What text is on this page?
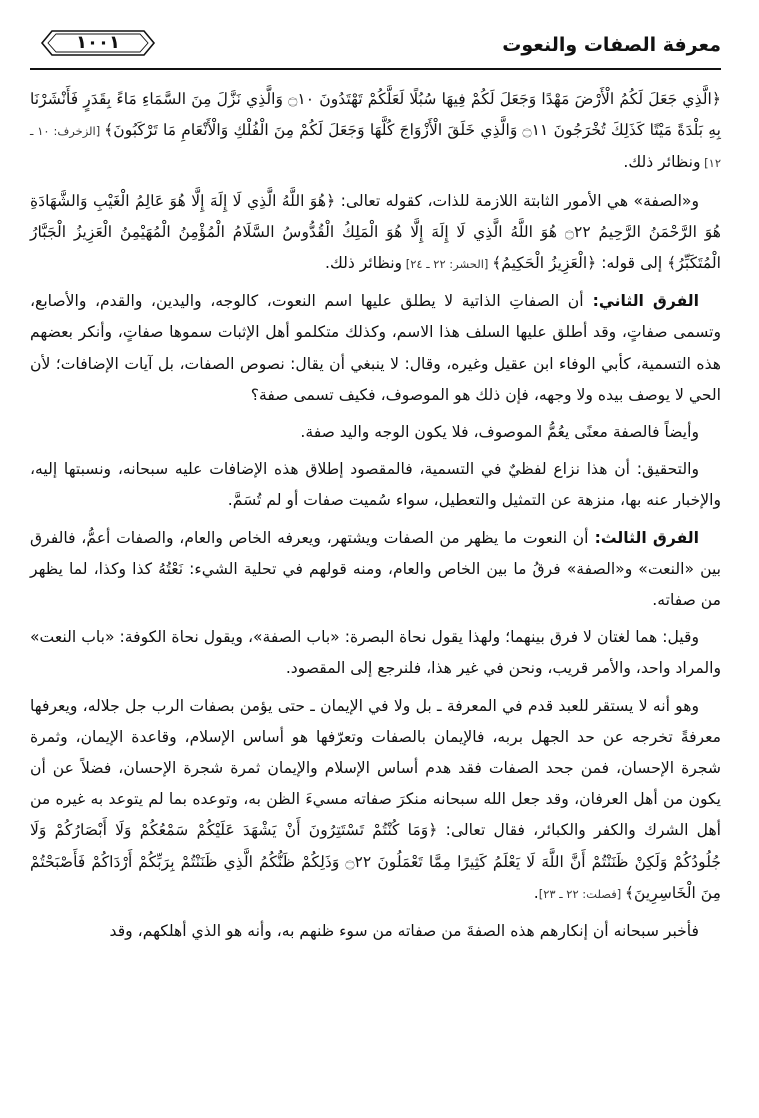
معرفة الصفات والنعوت
١٠٠١

﴿الَّذِي جَعَلَ لَكُمُ الْأَرْضَ مَهْدًا وَجَعَلَ لَكُمْ فِيهَا سُبُلًا لَعَلَّكُمْ تَهْتَدُونَ ۝١٠ وَالَّذِي نَزَّلَ مِنَ السَّمَاءِ مَاءً بِقَدَرٍ فَأَنْشَرْنَا بِهِ بَلْدَةً مَيْتًا كَذَلِكَ تُخْرَجُونَ ۝١١ وَالَّذِي خَلَقَ الْأَزْوَاجَ كُلَّهَا وَجَعَلَ لَكُمْ مِنَ الْفُلْكِ وَالْأَنْعَامِ مَا تَرْكَبُونَ﴾ [الزخرف: ١٠ ـ ١٢] ونظائر ذلك.

و«الصفة» هي الأمور الثابتة اللازمة للذات، كقوله تعالى: ﴿هُوَ اللَّهُ الَّذِي لَا إِلَهَ إِلَّا هُوَ عَالِمُ الْغَيْبِ وَالشَّهَادَةِ هُوَ الرَّحْمَنُ الرَّحِيمُ ۝٢٢ هُوَ اللَّهُ الَّذِي لَا إِلَهَ إِلَّا هُوَ الْمَلِكُ الْقُدُّوسُ السَّلَامُ الْمُؤْمِنُ الْمُهَيْمِنُ الْعَزِيزُ الْجَبَّارُ الْمُتَكَبِّرُ﴾ إلى قوله: ﴿الْعَزِيزُ الْحَكِيمُ﴾ [الحشر: ٢٢ ـ ٢٤] ونظائر ذلك.

الفرق الثاني: أن الصفاتِ الذاتية لا يطلق عليها اسم النعوت، كالوجه، واليدين، والقدم، والأصابع، وتسمى صفاتٍ، وقد أطلق عليها السلف هذا الاسم، وكذلك متكلمو أهل الإثبات سموها صفاتٍ، وأنكر بعضهم هذه التسمية، كأبي الوفاء ابن عقيل وغيره، وقال: لا ينبغي أن يقال: نصوص الصفات، بل آيات الإضافات؛ لأن الحي لا يوصف بيده ولا وجهه، فإن ذلك هو الموصوف، فكيف تسمى صفة؟

وأيضاً فالصفة معنًى يعُمُّ الموصوف، فلا يكون الوجه واليد صفة.

والتحقيق: أن هذا نزاع لفظيٌ في التسمية، فالمقصود إطلاق هذه الإضافات عليه سبحانه، ونسبتها إليه، والإخبار عنه بها، منزهة عن التمثيل والتعطيل، سواء سُميت صفات أو لم تُسَمَّ.

الفرق الثالث: أن النعوت ما يظهر من الصفات ويشتهر، ويعرفه الخاص والعام، والصفات أعمُّ، فالفرق بين «النعت» و«الصفة» فرقُ ما بين الخاص والعام، ومنه قولهم في تحلية الشيء: نَعْتُهُ كذا وكذا، لما يظهر من صفاته.

وقيل: هما لغتان لا فرق بينهما؛ ولهذا يقول نحاة البصرة: «باب الصفة»، ويقول نحاة الكوفة: «باب النعت» والمراد واحد، والأمر قريب، ونحن في غير هذا، فلنرجع إلى المقصود.

وهو أنه لا يستقر للعبد قدم في المعرفة ـ بل ولا في الإيمان ـ حتى يؤمن بصفات الرب جل جلاله، ويعرفها معرفةً تخرجه عن حد الجهل بربه، فالإيمان بالصفات وتعرّفها هو أساس الإسلام، وقاعدة الإيمان، وثمرة شجرة الإحسان، فمن جحد الصفات فقد هدم أساس الإسلام والإيمان ثمرة شجرة الإحسان، فضلاً عن أن يكون من أهل العرفان، وقد جعل الله سبحانه منكرَ صفاته مسيءَ الظن به، وتوعده بما لم يتوعد به غيره من أهل الشرك والكفر والكبائر، فقال تعالى: ﴿وَمَا كُنْتُمْ تَسْتَتِرُونَ أَنْ يَشْهَدَ عَلَيْكُمْ سَمْعُكُمْ وَلَا أَبْصَارُكُمْ وَلَا جُلُودُكُمْ وَلَكِنْ ظَنَنْتُمْ أَنَّ اللَّهَ لَا يَعْلَمُ كَثِيرًا مِمَّا تَعْمَلُونَ ۝٢٢ وَذَلِكُمْ ظَنُّكُمُ الَّذِي ظَنَنْتُمْ بِرَبِّكُمْ أَرْدَاكُمْ فَأَصْبَحْتُمْ مِنَ الْخَاسِرِينَ﴾ [فصلت: ٢٢ ـ ٢٣].

فأخبر سبحانه أن إنكارهم هذه الصفةَ من صفاته من سوء ظنهم به، وأنه هو الذي أهلكهم، وقد
